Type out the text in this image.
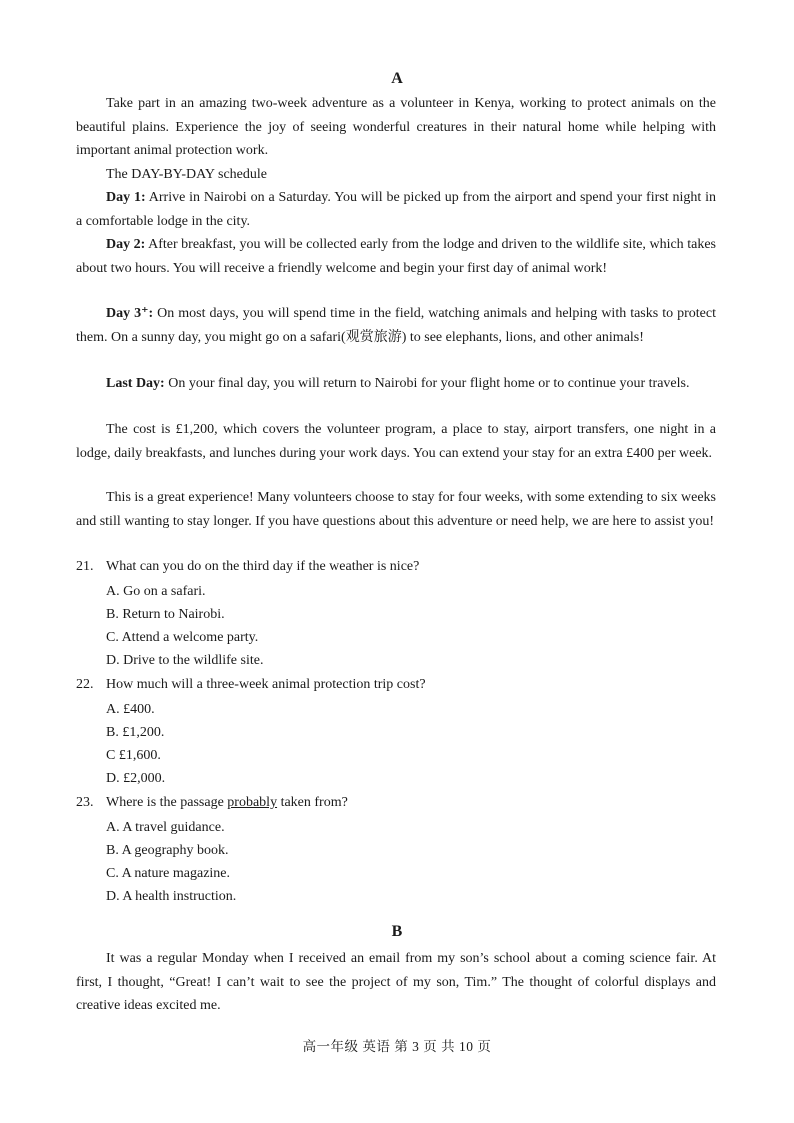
A

Take part in an amazing two-week adventure as a volunteer in Kenya, working to protect animals on the beautiful plains. Experience the joy of seeing wonderful creatures in their natural home while helping with important animal protection work.

The DAY-BY-DAY schedule

Day 1: Arrive in Nairobi on a Saturday. You will be picked up from the airport and spend your first night in a comfortable lodge in the city.

Day 2: After breakfast, you will be collected early from the lodge and driven to the wildlife site, which takes about two hours. You will receive a friendly welcome and begin your first day of animal work!

Day 3⁺: On most days, you will spend time in the field, watching animals and helping with tasks to protect them. On a sunny day, you might go on a safari(观赏旅游) to see elephants, lions, and other animals!

Last Day: On your final day, you will return to Nairobi for your flight home or to continue your travels.

The cost is £1,200, which covers the volunteer program, a place to stay, airport transfers, one night in a lodge, daily breakfasts, and lunches during your work days. You can extend your stay for an extra £400 per week.

This is a great experience! Many volunteers choose to stay for four weeks, with some extending to six weeks and still wanting to stay longer. If you have questions about this adventure or need help, we are here to assist you!

21. What can you do on the third day if the weather is nice?
A. Go on a safari.
B. Return to Nairobi.
C. Attend a welcome party.
D. Drive to the wildlife site.
22. How much will a three-week animal protection trip cost?
A. £400.
B. £1,200.
C £1,600.
D. £2,000.
23. Where is the passage probably taken from?
A. A travel guidance.
B. A geography book.
C. A nature magazine.
D. A health instruction.
B

It was a regular Monday when I received an email from my son’s school about a coming science fair. At first, I thought, “Great! I can’t wait to see the project of my son, Tim.” The thought of colorful displays and creative ideas excited me.

高一年级 英语 第 3 页 共 10 页
